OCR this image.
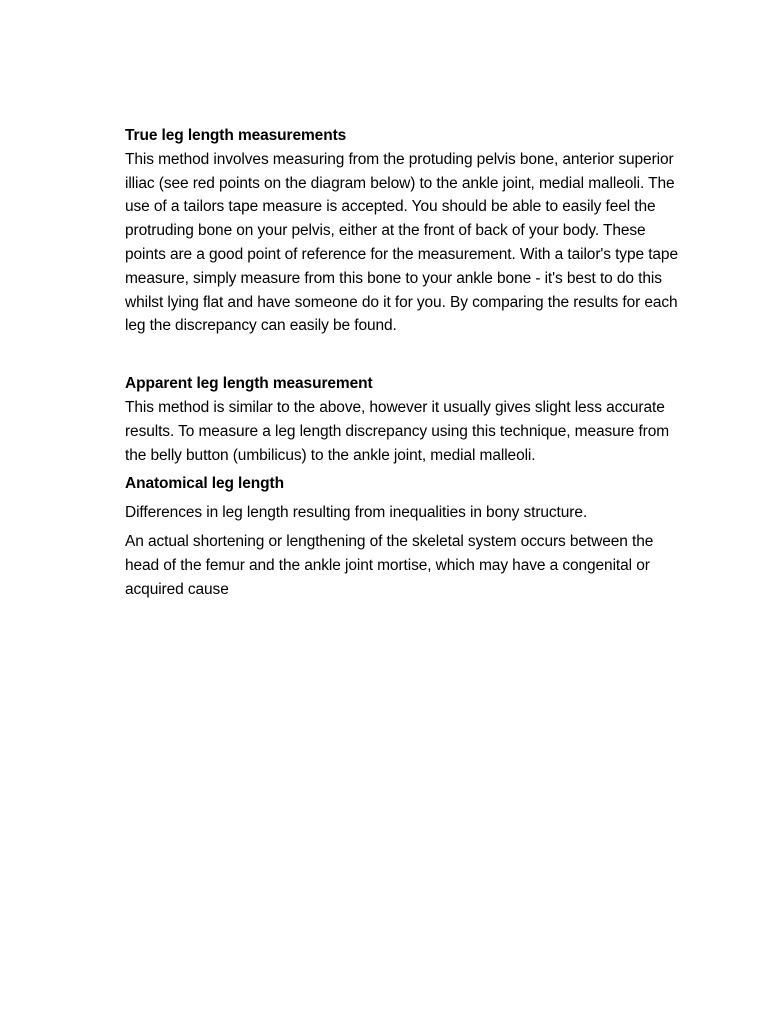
True leg length measurements

This method involves measuring from the protuding pelvis bone, anterior superior illiac (see red points on the diagram below) to the ankle joint, medial malleoli. The use of a tailors tape measure is accepted. You should be able to easily feel the protruding bone on your pelvis, either at the front of back of your body. These points are a good point of reference for the measurement. With a tailor's type tape measure, simply measure from this bone to your ankle bone - it's best to do this whilst lying flat and have someone do it for you. By comparing the results for each leg the discrepancy can easily be found.

Apparent leg length measurement

This method is similar to the above, however it usually gives slight less accurate results. To measure a leg length discrepancy using this technique, measure from the belly button (umbilicus) to the ankle joint, medial malleoli.

Anatomical leg length

Differences in leg length resulting from inequalities in bony structure.

An actual shortening or lengthening of the skeletal system occurs between the head of the femur and the ankle joint mortise, which may have a congenital or acquired cause
